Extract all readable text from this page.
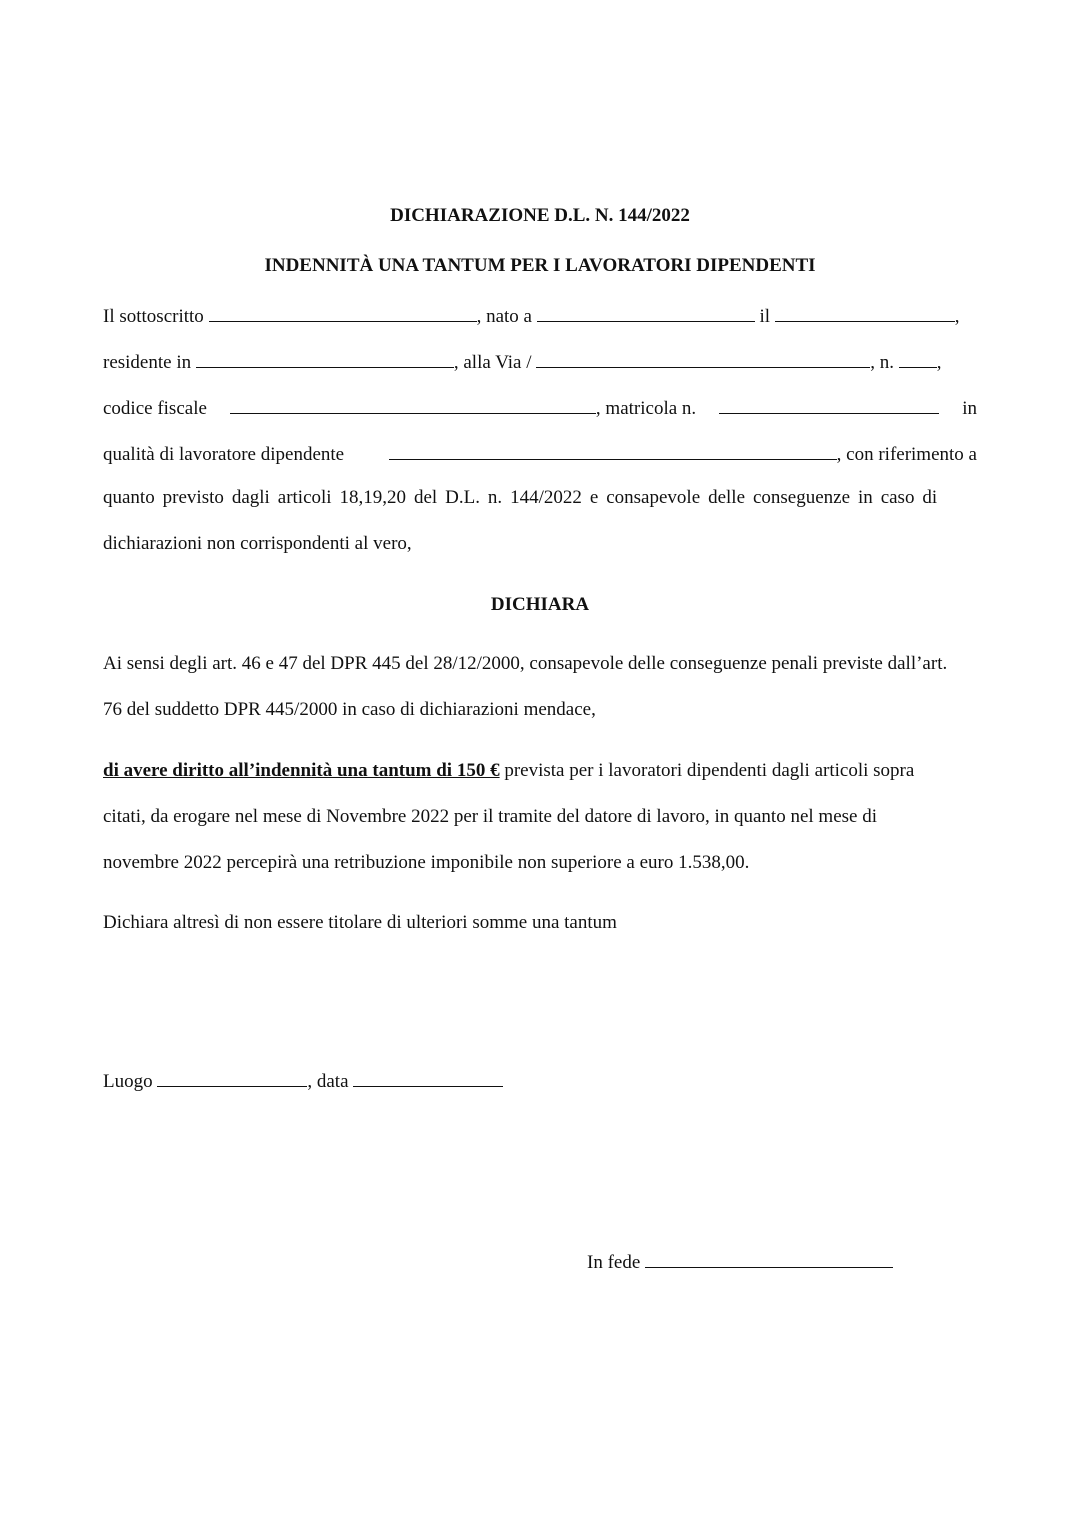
DICHIARAZIONE D.L. N. 144/2022
INDENNITÀ UNA TANTUM PER I LAVORATORI DIPENDENTI
Il sottoscritto	, nato a	il	,
residente in	, alla Via /	, n. ,
codice fiscale	, matricola n.	in
qualità di lavoratore dipendente	, con riferimento a
quanto previsto dagli articoli 18,19,20 del D.L. n. 144/2022 e consapevole delle conseguenze in caso di
dichiarazioni non corrispondenti al vero,
DICHIARA
Ai sensi degli art. 46 e 47 del DPR 445 del 28/12/2000, consapevole delle conseguenze penali previste dall’art.
76 del suddetto DPR 445/2000 in caso di dichiarazioni mendace,
di avere diritto all’indennità una tantum di 150 € prevista per i lavoratori dipendenti dagli articoli sopra
citati, da erogare nel mese di Novembre 2022 per il tramite del datore di lavoro, in quanto nel mese di
novembre 2022 percepirà una retribuzione imponibile non superiore a euro 1.538,00.
Dichiara altresì di non essere titolare di ulteriori somme una tantum
Luogo	, data
In fede
